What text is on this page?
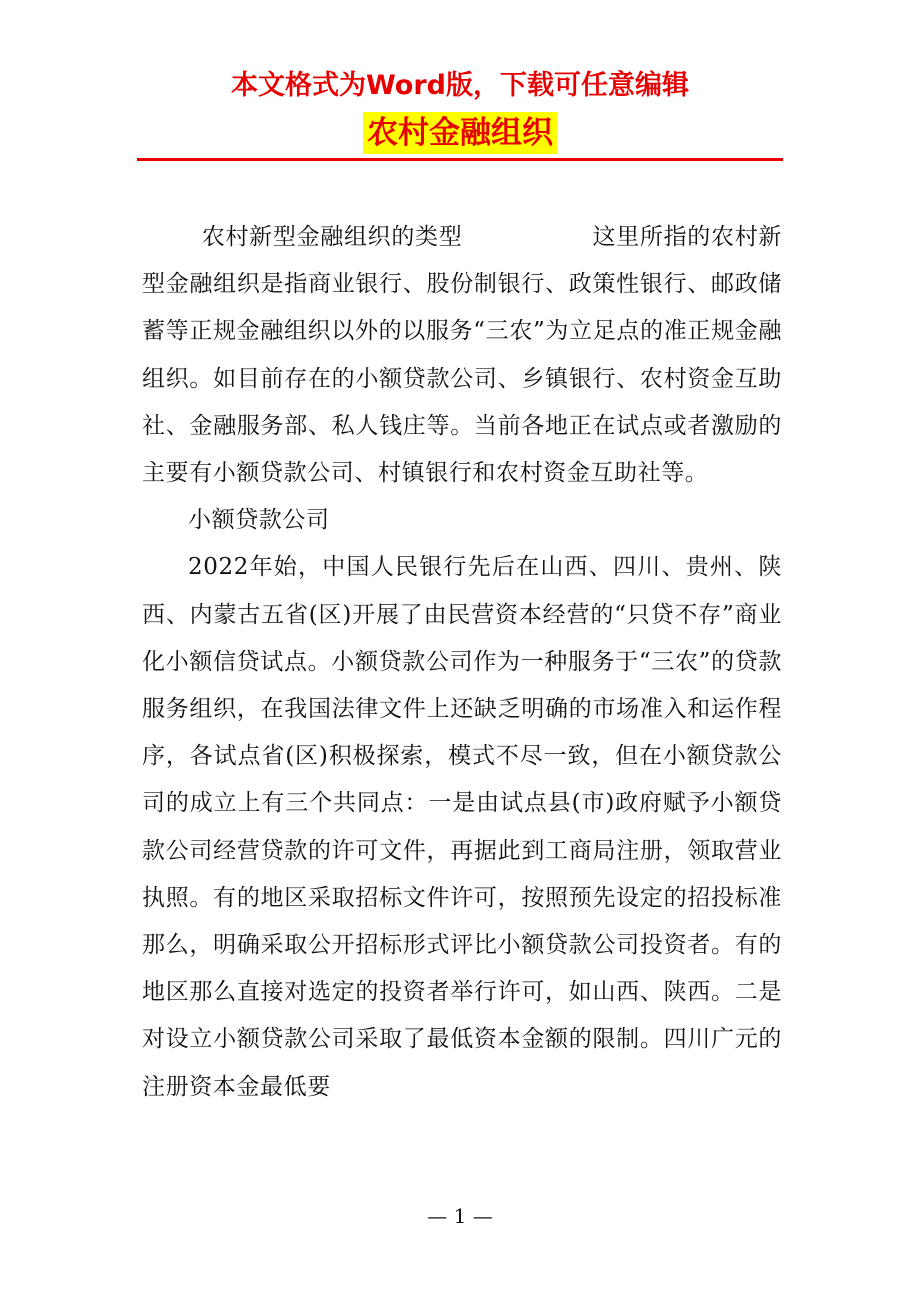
本文格式为Word版，下载可任意编辑
农村金融组织

农村新型金融组织的类型	这里所指的农村新型金融组织是指商业银行、股份制银行、政策性银行、邮政储蓄等正规金融组织以外的以服务“三农”为立足点的准正规金融组织。如目前存在的小额贷款公司、乡镇银行、农村资金互助社、金融服务部、私人钱庄等。当前各地正在试点或者激励的主要有小额贷款公司、村镇银行和农村资金互助社等。

小额贷款公司

2022年始，中国人民银行先后在山西、四川、贵州、陕西、内蒙古五省(区)开展了由民营资本经营的“只贷不存”商业化小额信贷试点。小额贷款公司作为一种服务于“三农”的贷款服务组织，在我国法律文件上还缺乏明确的市场准入和运作程序，各试点省(区)积极探索，模式不尽一致，但在小额贷款公司的成立上有三个共同点：一是由试点县(市)政府赋予小额贷款公司经营贷款的许可文件，再据此到工商局注册，领取营业执照。有的地区采取招标文件许可，按照预先设定的招投标准那么，明确采取公开招标形式评比小额贷款公司投资者。有的地区那么直接对选定的投资者举行许可，如山西、陕西。二是对设立小额贷款公司采取了最低资本金额的限制。四川广元的注册资本金最低要

— 1 —
